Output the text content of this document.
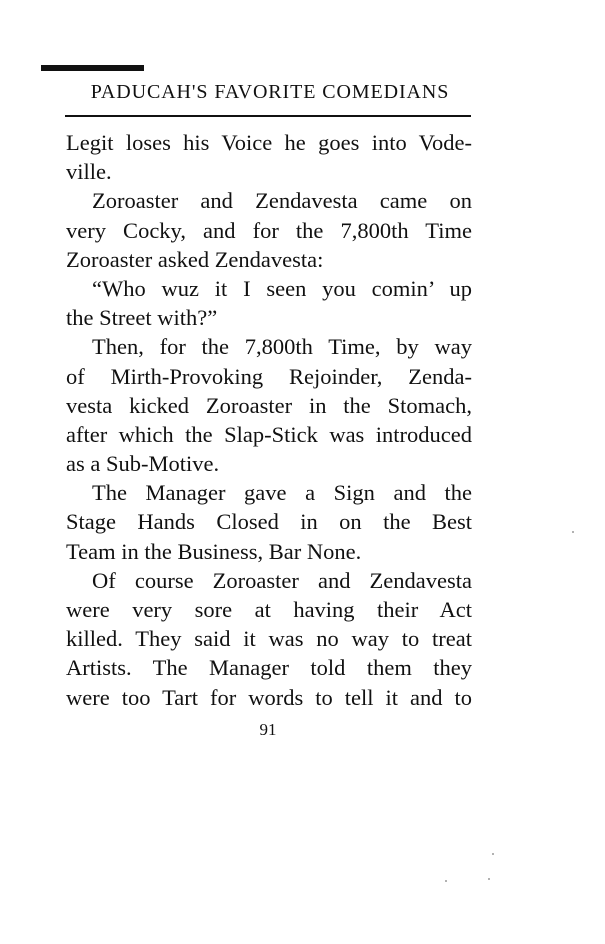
PADUCAH'S FAVORITE COMEDIANS
Legit loses his Voice he goes into Vode-
ville.
Zoroaster and Zendavesta came on
very Cocky, and for the 7,800th Time
Zoroaster asked Zendavesta:
“Who wuz it I seen you comin’ up
the Street with?”
Then, for the 7,800th Time, by way
of Mirth-Provoking Rejoinder, Zenda-
vesta kicked Zoroaster in the Stomach,
after which the Slap-Stick was introduced
as a Sub-Motive.
The Manager gave a Sign and the
Stage Hands Closed in on the Best
Team in the Business, Bar None.
Of course Zoroaster and Zendavesta
were very sore at having their Act
killed. They said it was no way to treat
Artists. The Manager told them they
were too Tart for words to tell it and to
91
